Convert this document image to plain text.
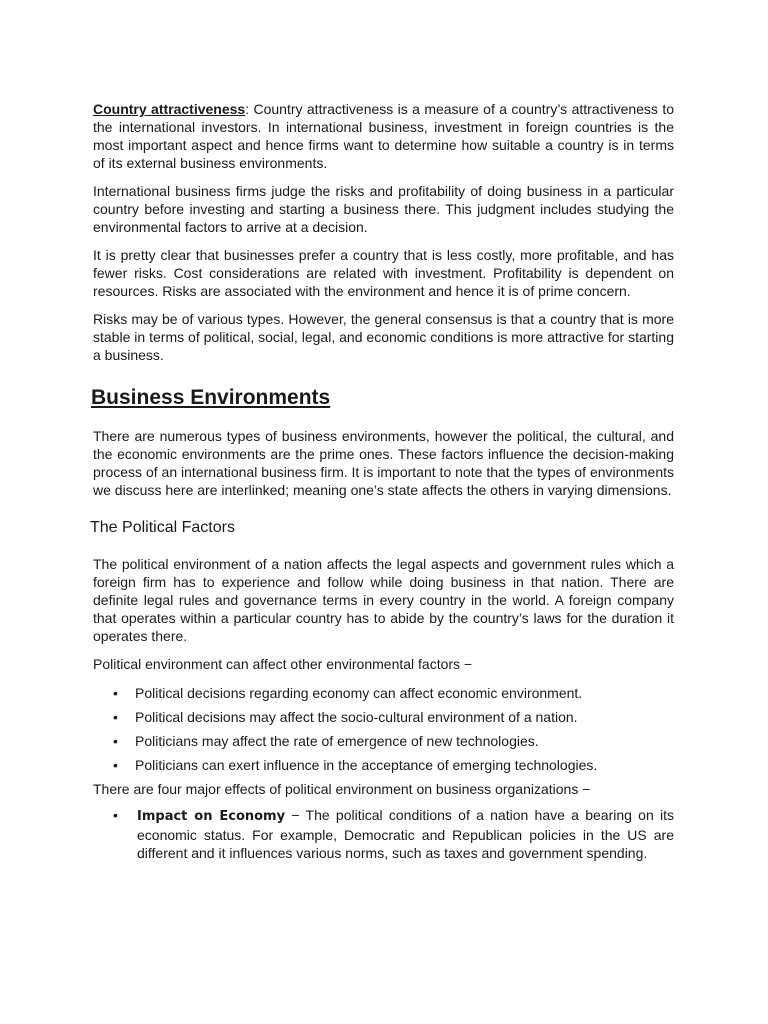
Country attractiveness: Country attractiveness is a measure of a country’s attractiveness to the international investors. In international business, investment in foreign countries is the most important aspect and hence firms want to determine how suitable a country is in terms of its external business environments.

International business firms judge the risks and profitability of doing business in a particular country before investing and starting a business there. This judgment includes studying the environmental factors to arrive at a decision.

It is pretty clear that businesses prefer a country that is less costly, more profitable, and has fewer risks. Cost considerations are related with investment. Profitability is dependent on resources. Risks are associated with the environment and hence it is of prime concern.

Risks may be of various types. However, the general consensus is that a country that is more stable in terms of political, social, legal, and economic conditions is more attractive for starting a business.

Business Environments

There are numerous types of business environments, however the political, the cultural, and the economic environments are the prime ones. These factors influence the decision-making process of an international business firm. It is important to note that the types of environments we discuss here are interlinked; meaning one’s state affects the others in varying dimensions.

The Political Factors

The political environment of a nation affects the legal aspects and government rules which a foreign firm has to experience and follow while doing business in that nation. There are definite legal rules and governance terms in every country in the world. A foreign company that operates within a particular country has to abide by the country’s laws for the duration it operates there.

Political environment can affect other environmental factors −

• Political decisions regarding economy can affect economic environment.
• Political decisions may affect the socio-cultural environment of a nation.
• Politicians may affect the rate of emergence of new technologies.
• Politicians can exert influence in the acceptance of emerging technologies.

There are four major effects of political environment on business organizations −

• Impact on Economy − The political conditions of a nation have a bearing on its economic status. For example, Democratic and Republican policies in the US are different and it influences various norms, such as taxes and government spending.
